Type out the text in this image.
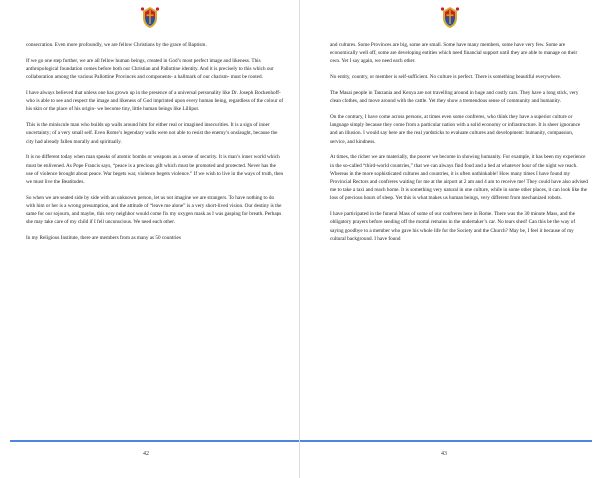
consecration. Even more profoundly, we are fellow Christians by the grace of Baptism.

If we go one step further, we are all fellow human beings, created in God’s most perfect image and likeness. This anthropological foundation comes before both our Christian and Pallottine identity. And it is precisely to this which our collaboration among the various Pallottine Provinces and components- a hallmark of our charism- must be rooted.

I have always believed that unless one has grown up in the presence of a universal personality like Dr. Joseph Bockenhoff- who is able to see and respect the image and likeness of God imprinted upon every human being, regardless of the colour of his skin or the place of his origin- we become tiny, little human beings like Lilliput.

This is the miniscule man who builds up walls around him for either real or imagined insecurities. It is a sign of inner uncertainty; of a very small self. Even Rome’s legendary walls were not able to resist the enemy’s onslaught, because the city had already fallen morally and spiritually.

It is no different today when man speaks of atomic bombs or weapons as a sense of security. It is man’s inner world which must be enlivened. As Pope Francis says, “peace is a precious gift which must be promoted and protected. Never has the use of violence brought about peace. War begets war, violence begets violence.” If we wish to live in the ways of truth, then we must live the Beatitudes.

So when we are seated side by side with an unknown person, let us not imagine we are strangers. To have nothing to do with him or her is a wrong presumption, and the attitude of “leave me alone” is a very short-lived vision. Our destiny is the same for our sojourn, and maybe, this very neighbor would come fix my oxygen mask as I was gasping for breath. Perhaps she may take care of my child if I fell unconscious. We need each other.

In my Religious Institute, there are members from as many as 50 countries

42

and cultures. Some Provinces are big, some are small. Some have many members, some have very few. Some are economically well off, some are developing entities which need financial support until they are able to manage on their own. Yet I say again, we need each other.

No entity, country, or member is self-sufficient. No culture is perfect. There is something beautiful everywhere.

The Masai people in Tanzania and Kenya are not travelling around in huge and costly cars. They have a long stick, very clean clothes, and move around with the cattle. Yet they show a tremendous sense of community and humanity.

On the contrary, I have come across persons, at times even some confreres, who think they have a superior culture or language simply because they come from a particular nation with a solid economy or infrastructure. It is sheer ignorance and an illusion. I would say here are the real yardsticks to evaluate cultures and development: humanity, compassion, service, and kindness.

At times, the richer we are materially, the poorer we become in showing humanity. For example, it has been my experience in the so-called “third-world countries,” that we can always find food and a bed at whatever hour of the night we reach. Whereas in the more sophisticated cultures and countries, it is often unthinkable! How many times I have found my Provincial Rectors and confreres waiting for me at the airport at 2 am and 4 am to receive me! They could have also advised me to take a taxi and reach home. It is something very natural in one culture, while in some other places, it can look like the loss of precious hours of sleep. Yet this is what makes us human beings, very different from mechanized robots.

I have participated in the funeral Mass of some of our confreres here in Rome. There was the 30 minute Mass, and the obligatory prayers before sending off the mortal remains in the undertaker’s car. No tears shed! Can this be the way of saying goodbye to a member who gave his whole life for the Society and the Church? May be, I feel it because of my cultural background. I have found

43
